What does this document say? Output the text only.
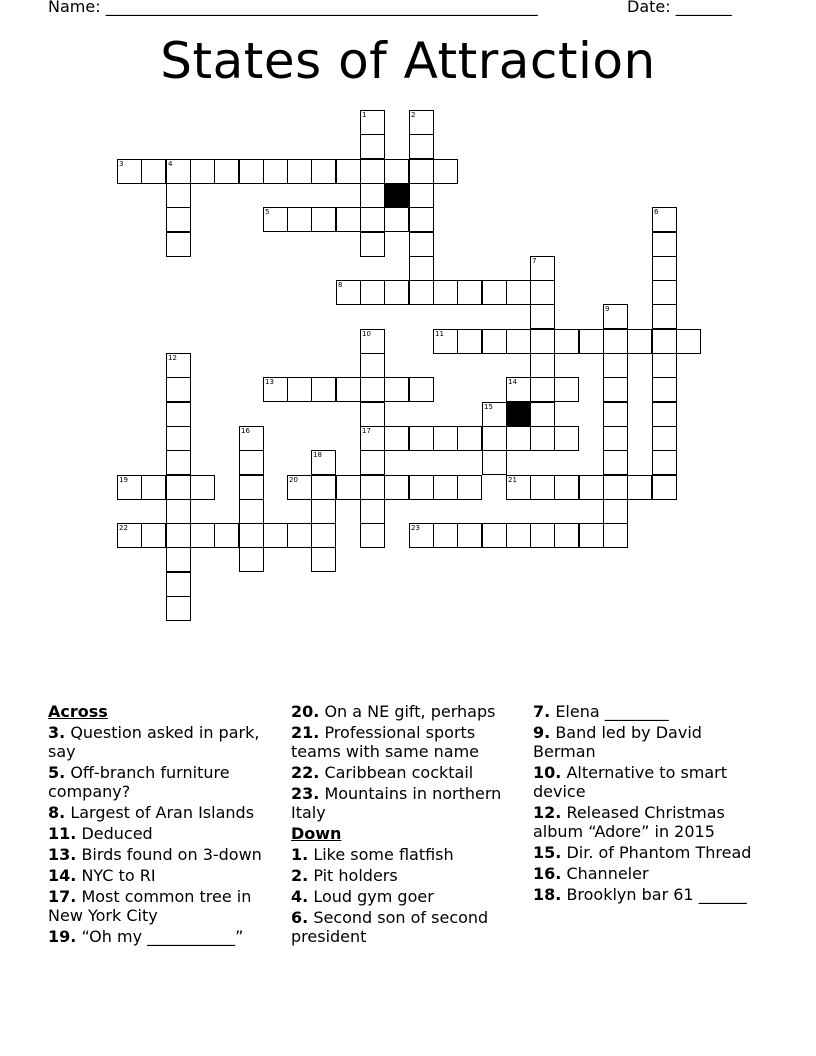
Name: ______________________________________________________	Date: _______
States of Attraction
1	2
3	4
5	6
7
8
9
10
17
11
12
13	14
15
16
18
19	20	21
22	23
Across
3. Question asked in park, say
5. Off-branch furniture company?
8. Largest of Aran Islands
11. Deduced
13. Birds found on 3-down
14. NYC to RI
17. Most common tree in New York City
19. “Oh my ___________”
20. On a NE gift, perhaps
21. Professional sports teams with same name
22. Caribbean cocktail
23. Mountains in northern Italy
Down
1. Like some flatfish
2. Pit holders
4. Loud gym goer
6. Second son of second president
7. Elena ________
9. Band led by David Berman
10. Alternative to smart device
12. Released Christmas album “Adore” in 2015
15. Dir. of Phantom Thread
16. Channeler
18. Brooklyn bar 61 ______
